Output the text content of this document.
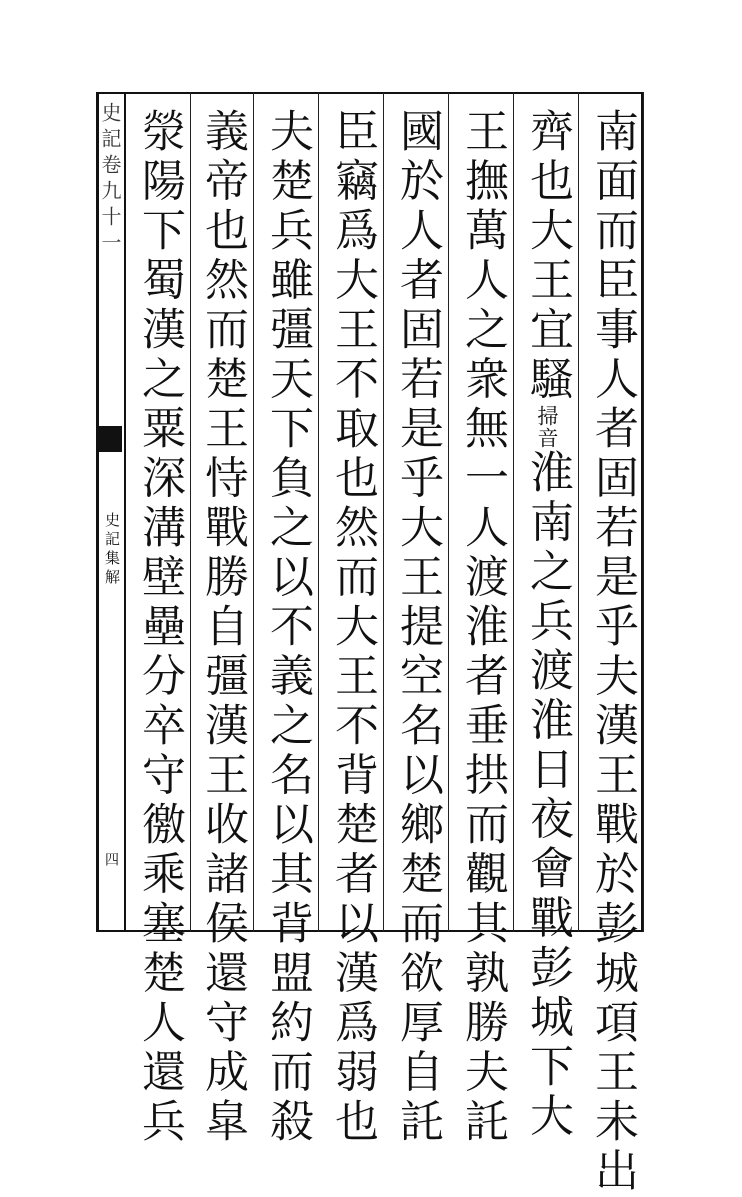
史記卷九十一
史記集解
四	南面而臣事人者固若是乎夫漢王戰於彭城項王未出
齊也大王宜騷掃音淮南之兵渡淮日夜會戰彭城下大
王撫萬人之衆無一人渡淮者垂拱而觀其孰勝夫託
國於人者固若是乎大王提空名以鄉楚而欲厚自託
臣竊爲大王不取也然而大王不背楚者以漢爲弱也
夫楚兵雖彊天下負之以不義之名以其背盟約而殺
義帝也然而楚王恃戰勝自彊漢王收諸侯還守成皐
滎陽下蜀漢之粟深溝壁壘分卒守徼乘塞楚人還兵
